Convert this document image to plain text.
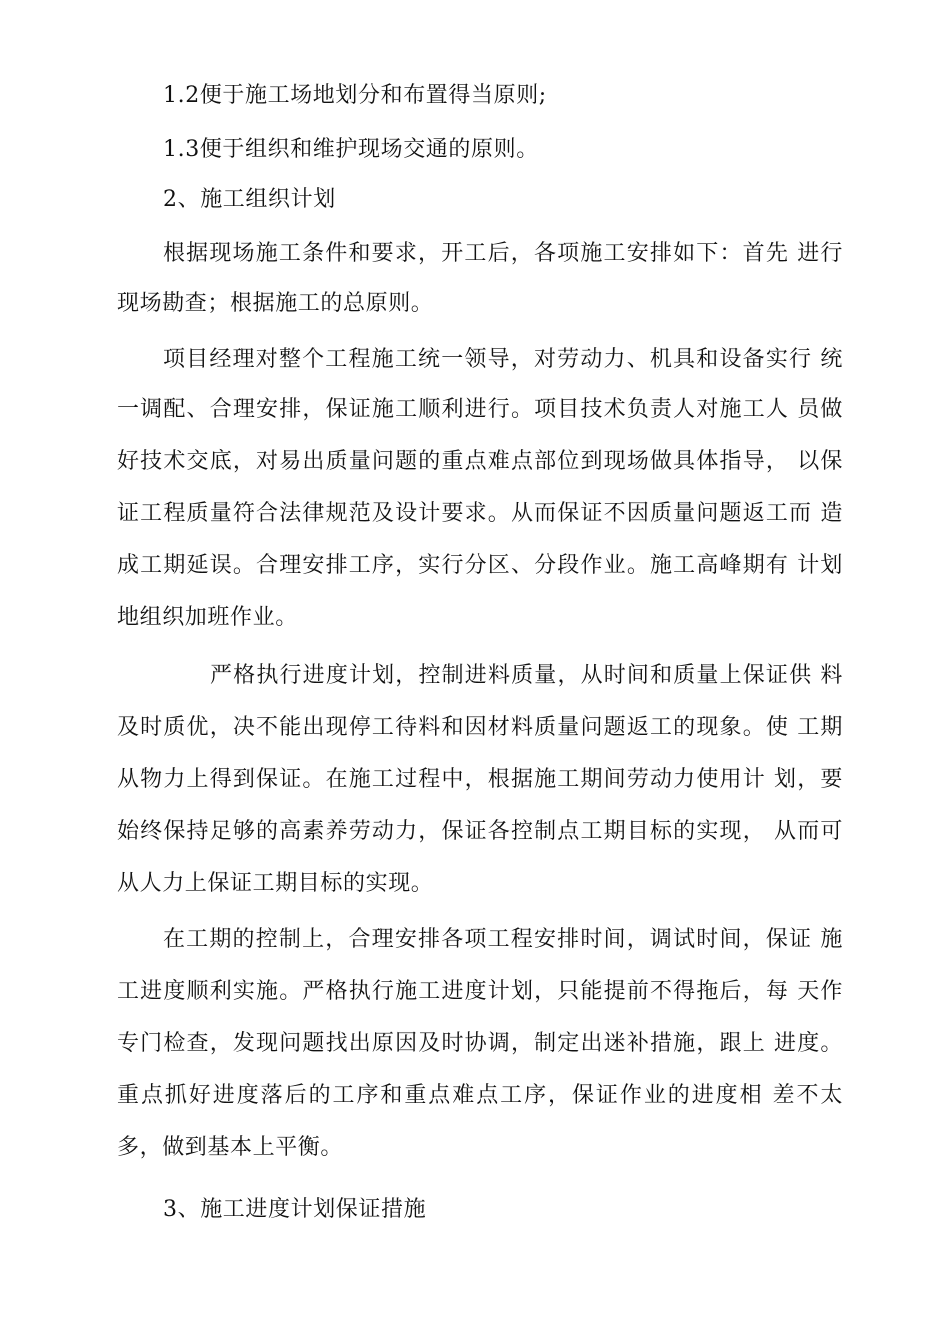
1.2便于施工场地划分和布置得当原则;
1.3便于组织和维护现场交通的原则。
2、施工组织计划
根据现场施工条件和要求，开工后，各项施工安排如下：首先 进行
现场勘查；根据施工的总原则。
项目经理对整个工程施工统一领导，对劳动力、机具和设备实行 统
一调配、合理安排，保证施工顺利进行。项目技术负责人对施工人 员做
好技术交底，对易出质量问题的重点难点部位到现场做具体指导， 以保
证工程质量符合法律规范及设计要求。从而保证不因质量问题返工而 造
成工期延误。合理安排工序，实行分区、分段作业。施工高峰期有 计划
地组织加班作业。
严格执行进度计划，控制进料质量，从时间和质量上保证供 料
及时质优，决不能出现停工待料和因材料质量问题返工的现象。使 工期
从物力上得到保证。在施工过程中，根据施工期间劳动力使用计 划，要
始终保持足够的高素养劳动力，保证各控制点工期目标的实现， 从而可
从人力上保证工期目标的实现。
在工期的控制上，合理安排各项工程安排时间，调试时间，保证 施
工进度顺利实施。严格执行施工进度计划，只能提前不得拖后，每 天作
专门检查，发现问题找出原因及时协调，制定出迷补措施，跟上 进度。
重点抓好进度落后的工序和重点难点工序，保证作业的进度相 差不太
多，做到基本上平衡。
3、施工进度计划保证措施
